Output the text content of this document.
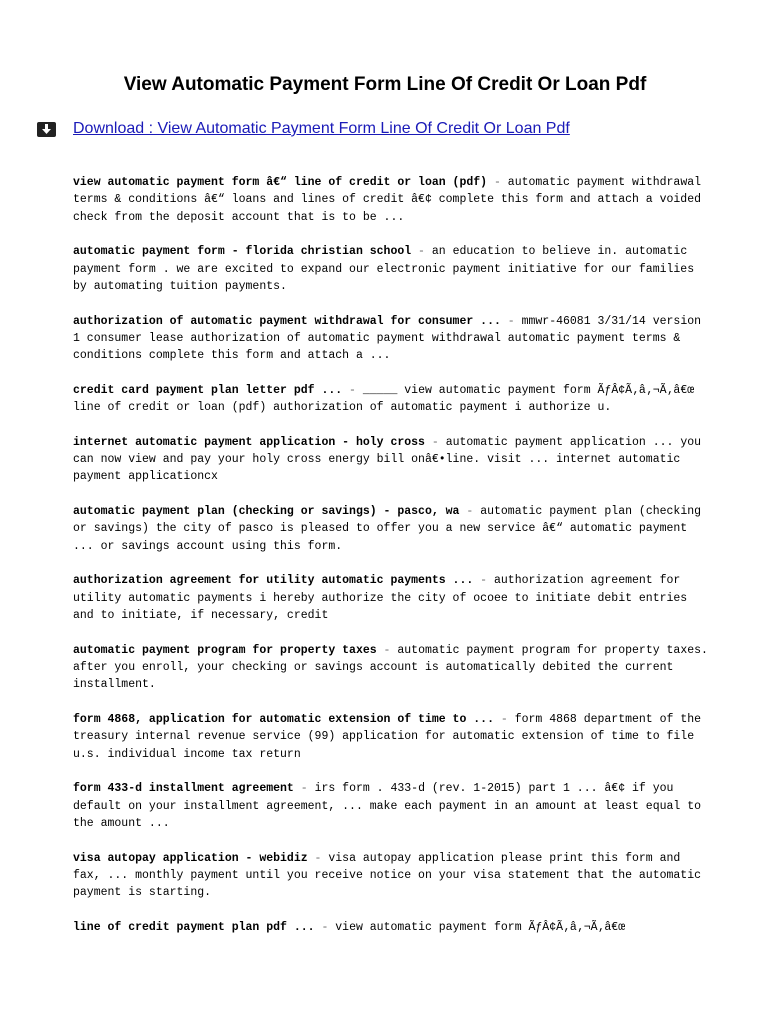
View Automatic Payment Form Line Of Credit Or Loan Pdf
Download : View Automatic Payment Form Line Of Credit Or Loan Pdf

view automatic payment form â€“ line of credit or loan (pdf) - automatic payment withdrawal terms & conditions â€“ loans and lines of credit â€¢ complete this form and attach a voided check from the deposit account that is to be ...

automatic payment form - florida christian school - an education to believe in. automatic payment form . we are excited to expand our electronic payment initiative for our families by automating tuition payments.

authorization of automatic payment withdrawal for consumer ... - mmwr-46081 3/31/14 version 1 consumer lease authorization of automatic payment withdrawal automatic payment terms & conditions complete this form and attach a ...

credit card payment plan letter pdf ... - _____ view automatic payment form ÃƒÂ¢Ã‚â‚¬Ã‚â€œ line of credit or loan (pdf) authorization of automatic payment i authorize u.

internet automatic payment application - holy cross - automatic payment application ... you can now view and pay your holy cross energy bill onâ€•line. visit ... internet automatic payment applicationcx

automatic payment plan (checking or savings) - pasco, wa - automatic payment plan (checking or savings) the city of pasco is pleased to offer you a new service â€“ automatic payment ... or savings account using this form.

authorization agreement for utility automatic payments ... - authorization agreement for utility automatic payments i hereby authorize the city of ocoee to initiate debit entries and to initiate, if necessary, credit

automatic payment program for property taxes - automatic payment program for property taxes. after you enroll, your checking or savings account is automatically debited the current installment.

form 4868, application for automatic extension of time to ... - form 4868 department of the treasury internal revenue service (99) application for automatic extension of time to file u.s. individual income tax return

form 433-d installment agreement - irs form . 433-d (rev. 1-2015) part 1 ... â€¢ if you default on your installment agreement, ... make each payment in an amount at least equal to the amount ...

visa autopay application - webidiz - visa autopay application please print this form and fax, ... monthly payment until you receive notice on your visa statement that the automatic payment is starting.

line of credit payment plan pdf ... - view automatic payment form ÃƒÂ¢Ã‚â‚¬Ã‚â€œ
